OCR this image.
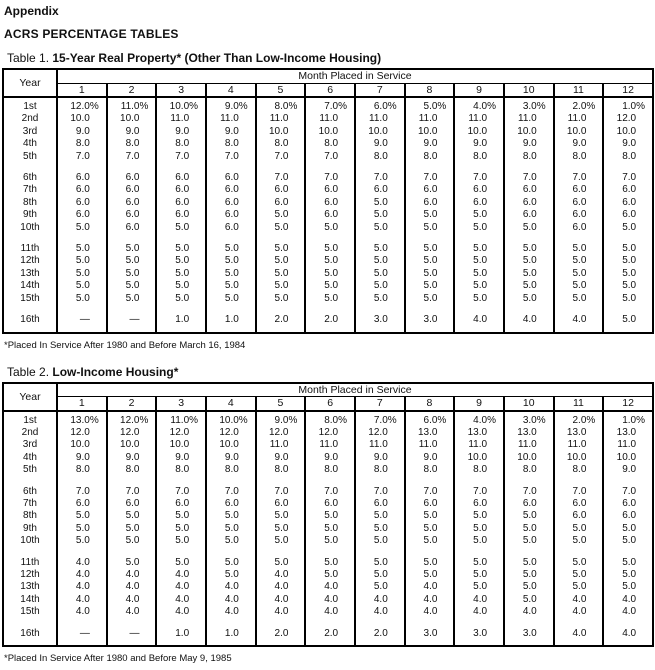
Appendix
ACRS PERCENTAGE TABLES
Table 1. 15-Year Real Property* (Other Than Low-Income Housing)
Year	Month Placed in Service											
	1	2	3	4	5	6	7	8	9	10	11	12
1st	12.0%	11.0%	10.0%	9.0%	8.0%	7.0%	6.0%	5.0%	4.0%	3.0%	2.0%	1.0%
2nd	10.0	10.0	11.0	11.0	11.0	11.0	11.0	11.0	11.0	11.0	11.0	12.0
3rd	9.0	9.0	9.0	9.0	10.0	10.0	10.0	10.0	10.0	10.0	10.0	10.0
4th	8.0	8.0	8.0	8.0	8.0	8.0	9.0	9.0	9.0	9.0	9.0	9.0
5th	7.0	7.0	7.0	7.0	7.0	7.0	8.0	8.0	8.0	8.0	8.0	8.0

6th	6.0	6.0	6.0	6.0	7.0	7.0	7.0	7.0	7.0	7.0	7.0	7.0
7th	6.0	6.0	6.0	6.0	6.0	6.0	6.0	6.0	6.0	6.0	6.0	6.0
8th	6.0	6.0	6.0	6.0	6.0	6.0	5.0	6.0	6.0	6.0	6.0	6.0
9th	6.0	6.0	6.0	6.0	5.0	6.0	5.0	5.0	5.0	6.0	6.0	6.0
10th	5.0	6.0	5.0	6.0	5.0	5.0	5.0	5.0	5.0	5.0	6.0	5.0

11th	5.0	5.0	5.0	5.0	5.0	5.0	5.0	5.0	5.0	5.0	5.0	5.0
12th	5.0	5.0	5.0	5.0	5.0	5.0	5.0	5.0	5.0	5.0	5.0	5.0
13th	5.0	5.0	5.0	5.0	5.0	5.0	5.0	5.0	5.0	5.0	5.0	5.0
14th	5.0	5.0	5.0	5.0	5.0	5.0	5.0	5.0	5.0	5.0	5.0	5.0
15th	5.0	5.0	5.0	5.0	5.0	5.0	5.0	5.0	5.0	5.0	5.0	5.0

16th	—	—	1.0	1.0	2.0	2.0	3.0	3.0	4.0	4.0	4.0	5.0
*Placed In Service After 1980 and Before March 16, 1984
Table 2. Low-Income Housing*
Year	Month Placed in Service											
	1	2	3	4	5	6	7	8	9	10	11	12
1st	13.0%	12.0%	11.0%	10.0%	9.0%	8.0%	7.0%	6.0%	4.0%	3.0%	2.0%	1.0%
2nd	12.0	12.0	12.0	12.0	12.0	12.0	12.0	13.0	13.0	13.0	13.0	13.0
3rd	10.0	10.0	10.0	10.0	11.0	11.0	11.0	11.0	11.0	11.0	11.0	11.0
4th	9.0	9.0	9.0	9.0	9.0	9.0	9.0	9.0	10.0	10.0	10.0	10.0
5th	8.0	8.0	8.0	8.0	8.0	8.0	8.0	8.0	8.0	8.0	8.0	9.0

6th	7.0	7.0	7.0	7.0	7.0	7.0	7.0	7.0	7.0	7.0	7.0	7.0
7th	6.0	6.0	6.0	6.0	6.0	6.0	6.0	6.0	6.0	6.0	6.0	6.0
8th	5.0	5.0	5.0	5.0	5.0	5.0	5.0	5.0	5.0	5.0	6.0	6.0
9th	5.0	5.0	5.0	5.0	5.0	5.0	5.0	5.0	5.0	5.0	5.0	5.0
10th	5.0	5.0	5.0	5.0	5.0	5.0	5.0	5.0	5.0	5.0	5.0	5.0

11th	4.0	5.0	5.0	5.0	5.0	5.0	5.0	5.0	5.0	5.0	5.0	5.0
12th	4.0	4.0	4.0	5.0	4.0	5.0	5.0	5.0	5.0	5.0	5.0	5.0
13th	4.0	4.0	4.0	4.0	4.0	4.0	5.0	4.0	5.0	5.0	5.0	5.0
14th	4.0	4.0	4.0	4.0	4.0	4.0	4.0	4.0	4.0	5.0	4.0	4.0
15th	4.0	4.0	4.0	4.0	4.0	4.0	4.0	4.0	4.0	4.0	4.0	4.0

16th	—	—	1.0	1.0	2.0	2.0	2.0	3.0	3.0	3.0	4.0	4.0
*Placed In Service After 1980 and Before May 9, 1985
